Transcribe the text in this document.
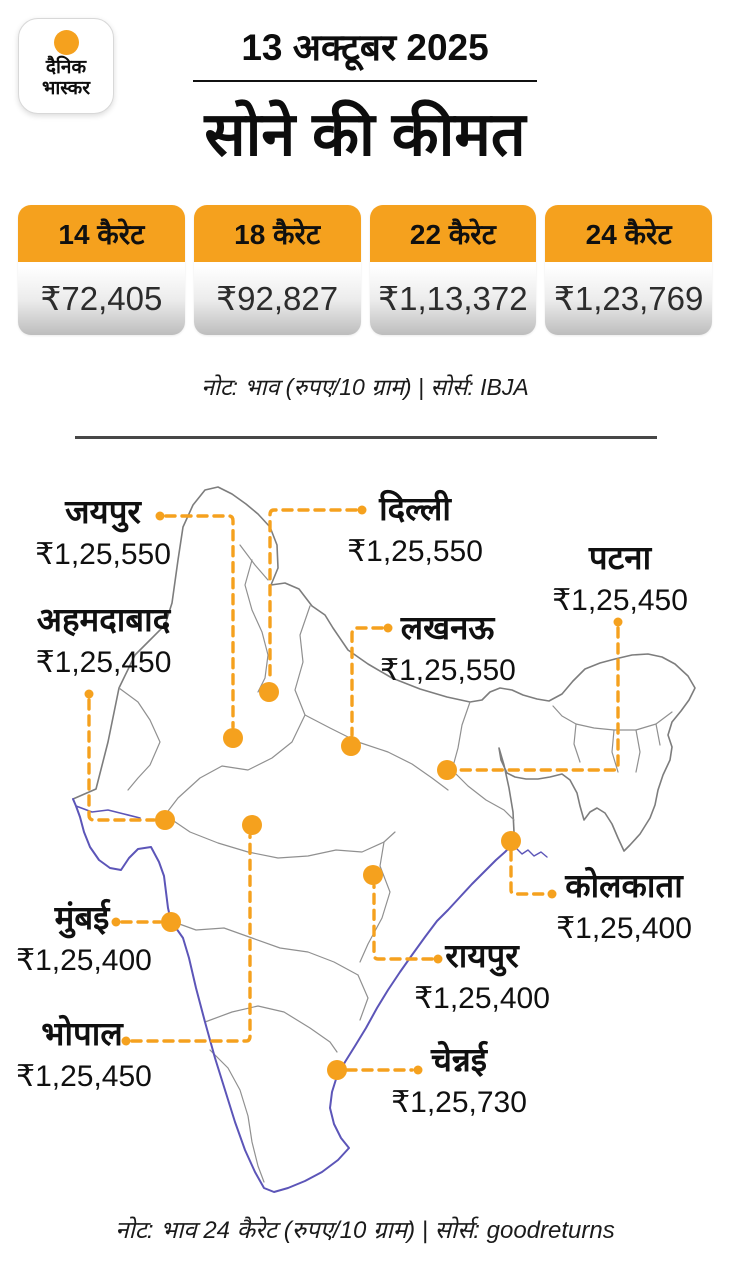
दैनिक
भास्कर
13 अक्टूबर 2025
सोने की कीमत
14 कैरेट
₹72,405
18 कैरेट
₹92,827
22 कैरेट
₹1,13,372
24 कैरेट
₹1,23,769
नोट: भाव (रुपए/10 ग्राम) | सोर्स: IBJA
नोट: भाव 24 कैरेट (रुपए/10 ग्राम) | सोर्स: goodreturns
जयपुर
₹1,25,550
दिल्ली
₹1,25,550	पटना
₹1,25,450
अहमदाबाद
₹1,25,450
लखनऊ
₹1,25,550
कोलकाता
₹1,25,400
मुंबई
₹1,25,400	रायपुर
₹1,25,400
भोपाल
₹1,25,450	चेन्नई
₹1,25,730
